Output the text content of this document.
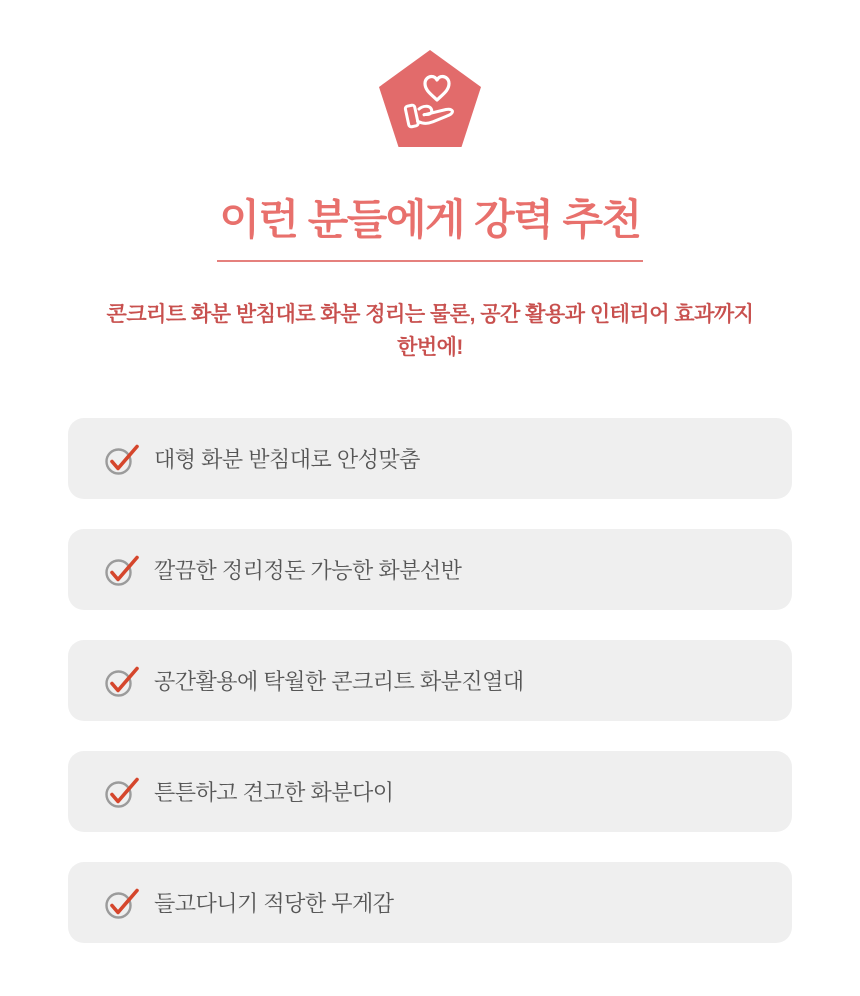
이런 분들에게 강력 추천

콘크리트 화분 받침대로 화분 정리는 물론, 공간 활용과 인테리어 효과까지
한번에!

대형 화분 받침대로 안성맞춤
깔끔한 정리정돈 가능한 화분선반
공간활용에 탁월한 콘크리트 화분진열대
튼튼하고 견고한 화분다이
들고다니기 적당한 무게감
